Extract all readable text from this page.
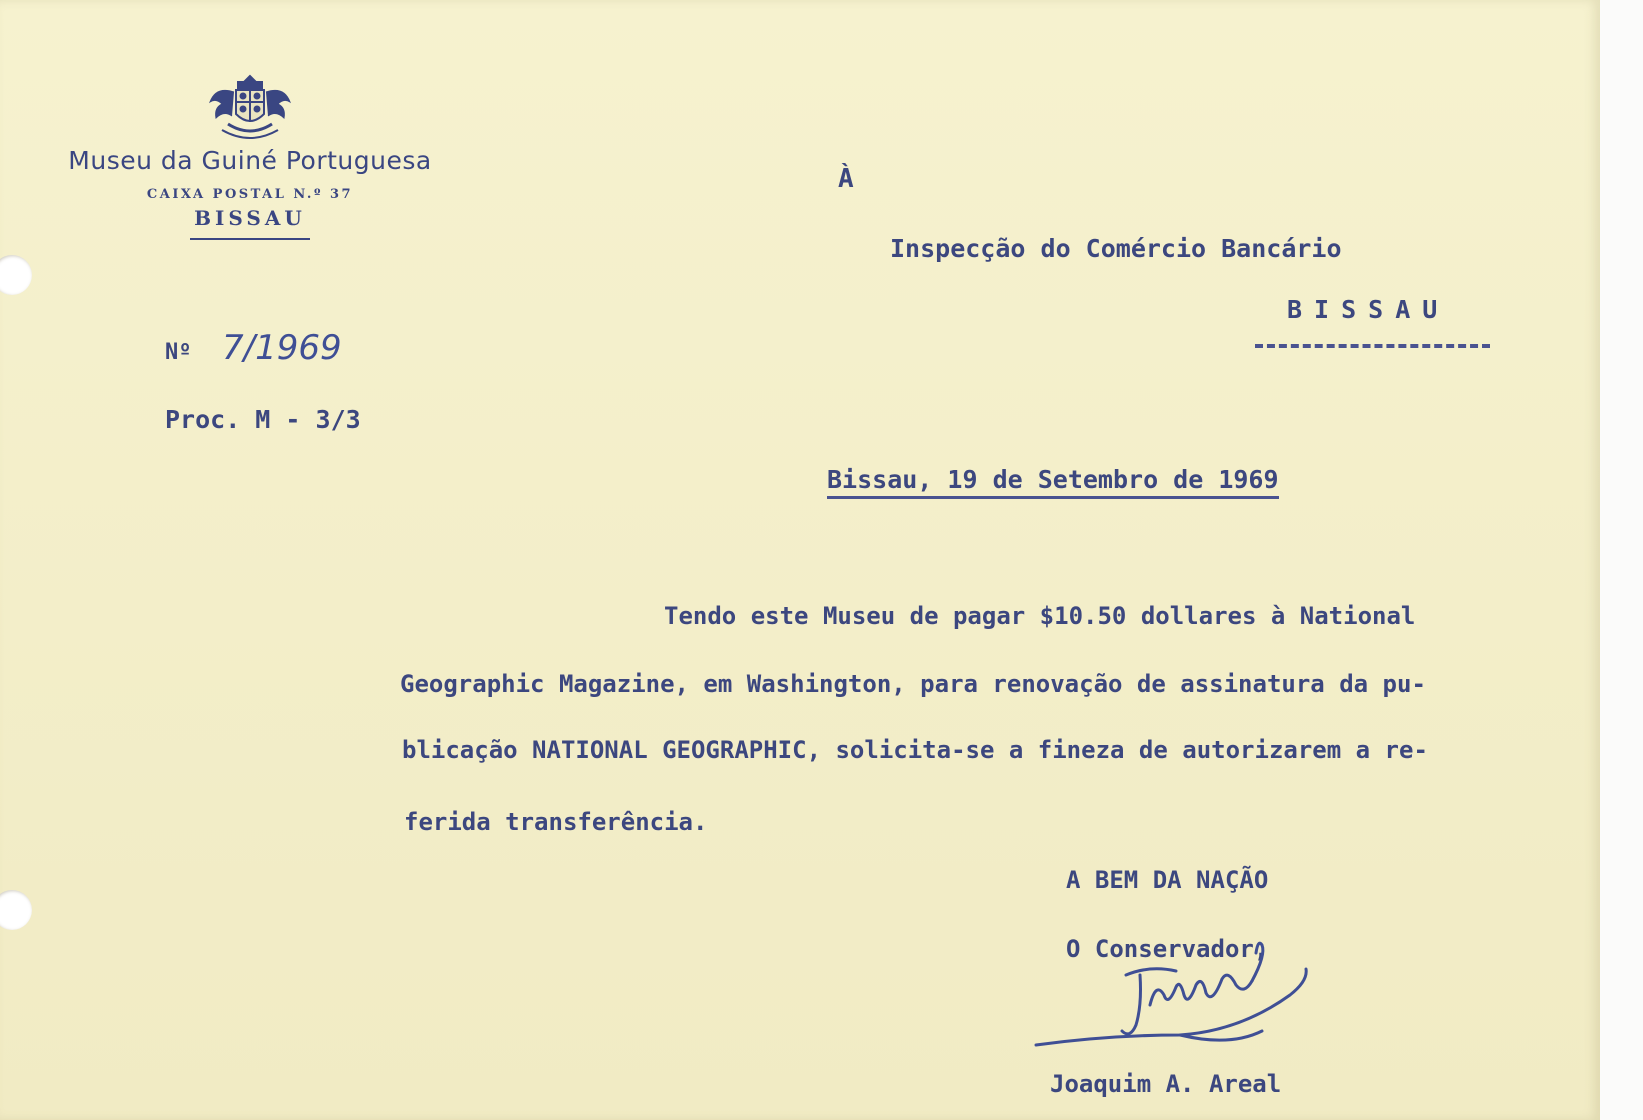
Museu da Guiné Portuguesa
CAIXA POSTAL N.º 37
BISSAU
Nº 7/1969
Proc. M - 3/3
À
Inspecção do Comércio Bancário
BISSAU
Bissau, 19 de Setembro de 1969
Tendo este Museu de pagar $10.50 dollares à National
Geographic Magazine, em Washington, para renovação de assinatura da pu-
blicação NATIONAL GEOGRAPHIC, solicita-se a fineza de autorizarem a re-
ferida transferência.
A BEM DA NAÇÃO
O Conservador,
Joaquim A. Areal
